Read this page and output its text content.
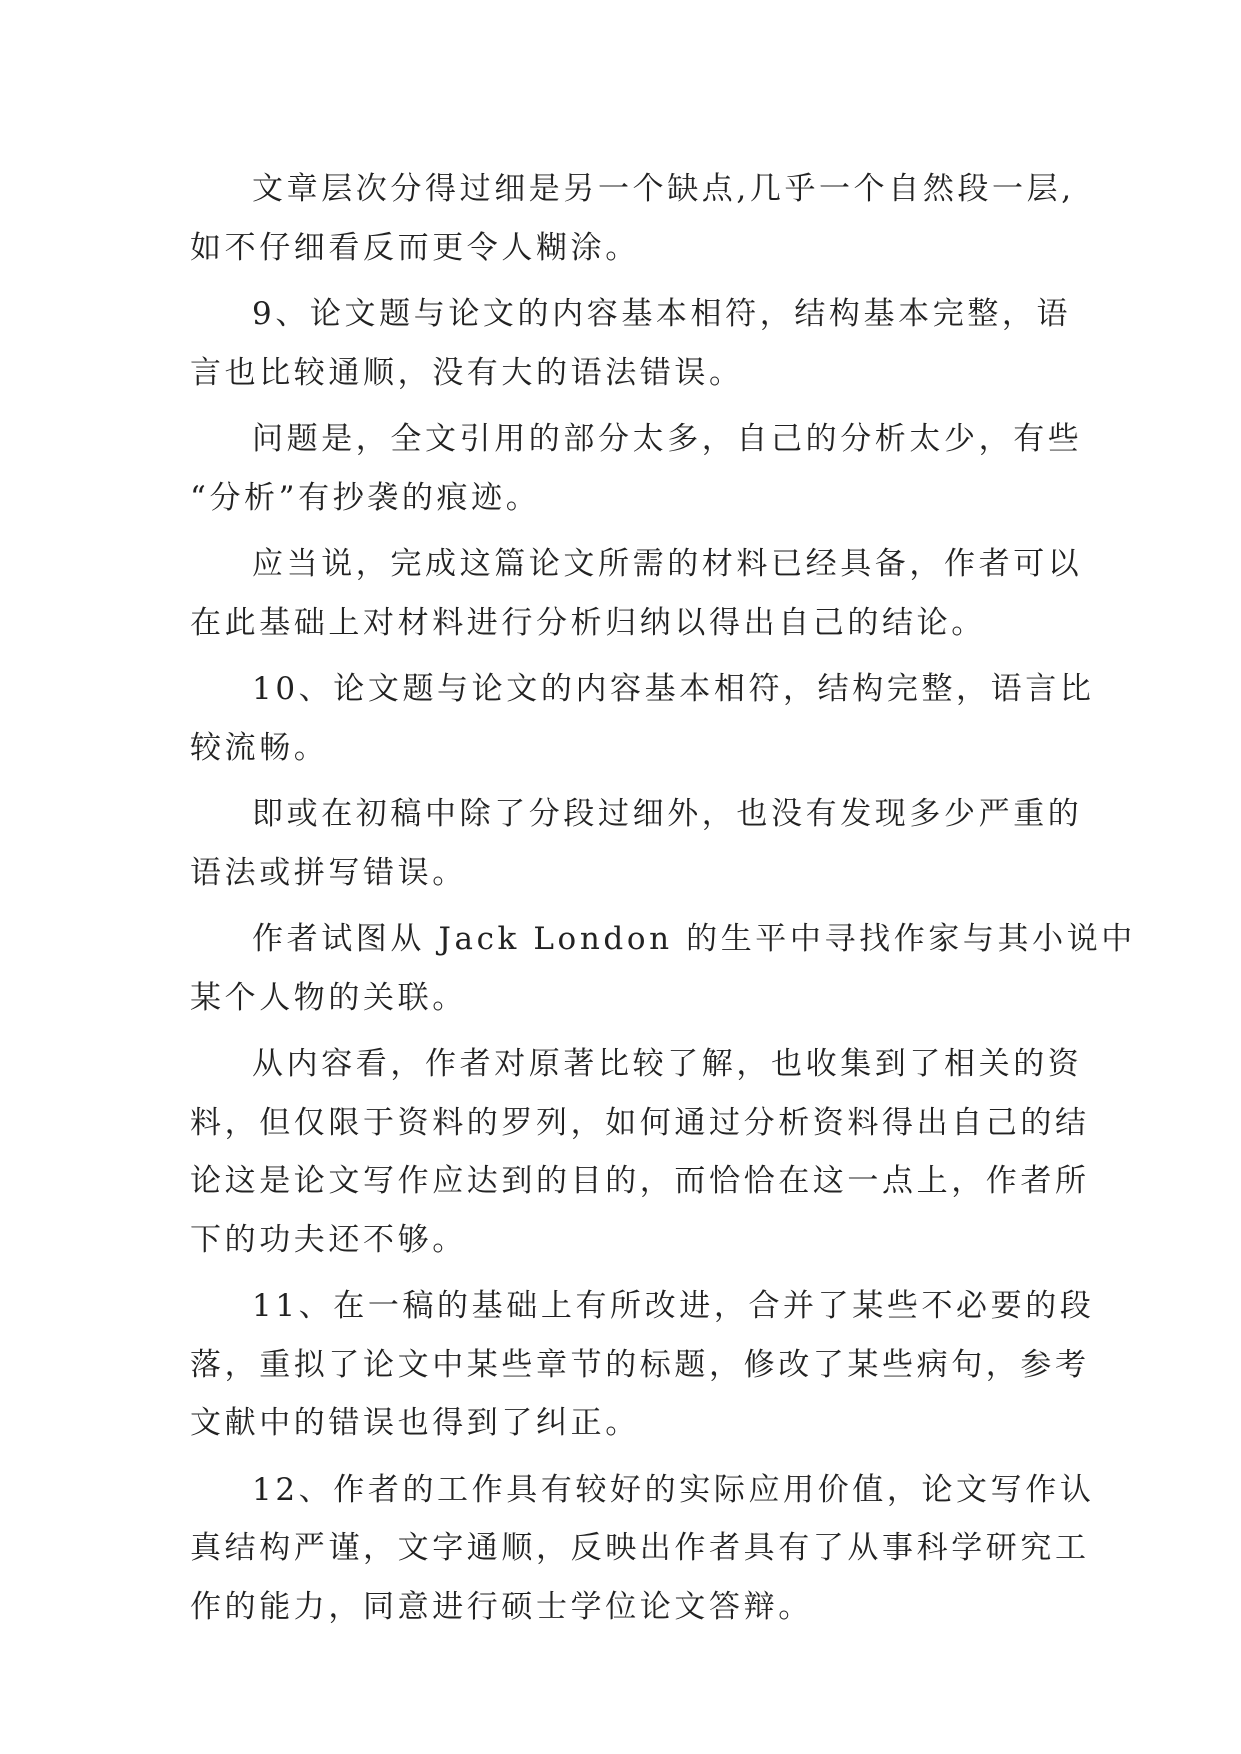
文章层次分得过细是另一个缺点,几乎一个自然段一层,
如不仔细看反而更令人糊涂。
9、论文题与论文的内容基本相符，结构基本完整，语
言也比较通顺，没有大的语法错误。
问题是，全文引用的部分太多，自己的分析太少，有些
“分析”有抄袭的痕迹。
应当说，完成这篇论文所需的材料已经具备，作者可以
在此基础上对材料进行分析归纳以得出自己的结论。
10、论文题与论文的内容基本相符，结构完整，语言比
较流畅。
即或在初稿中除了分段过细外，也没有发现多少严重的
语法或拼写错误。
作者试图从 Jack London 的生平中寻找作家与其小说中
某个人物的关联。
从内容看，作者对原著比较了解，也收集到了相关的资
料，但仅限于资料的罗列，如何通过分析资料得出自己的结
论这是论文写作应达到的目的，而恰恰在这一点上，作者所
下的功夫还不够。
11、在一稿的基础上有所改进，合并了某些不必要的段
落，重拟了论文中某些章节的标题，修改了某些病句，参考
文献中的错误也得到了纠正。
12、作者的工作具有较好的实际应用价值，论文写作认
真结构严谨，文字通顺，反映出作者具有了从事科学研究工
作的能力，同意进行硕士学位论文答辩。
